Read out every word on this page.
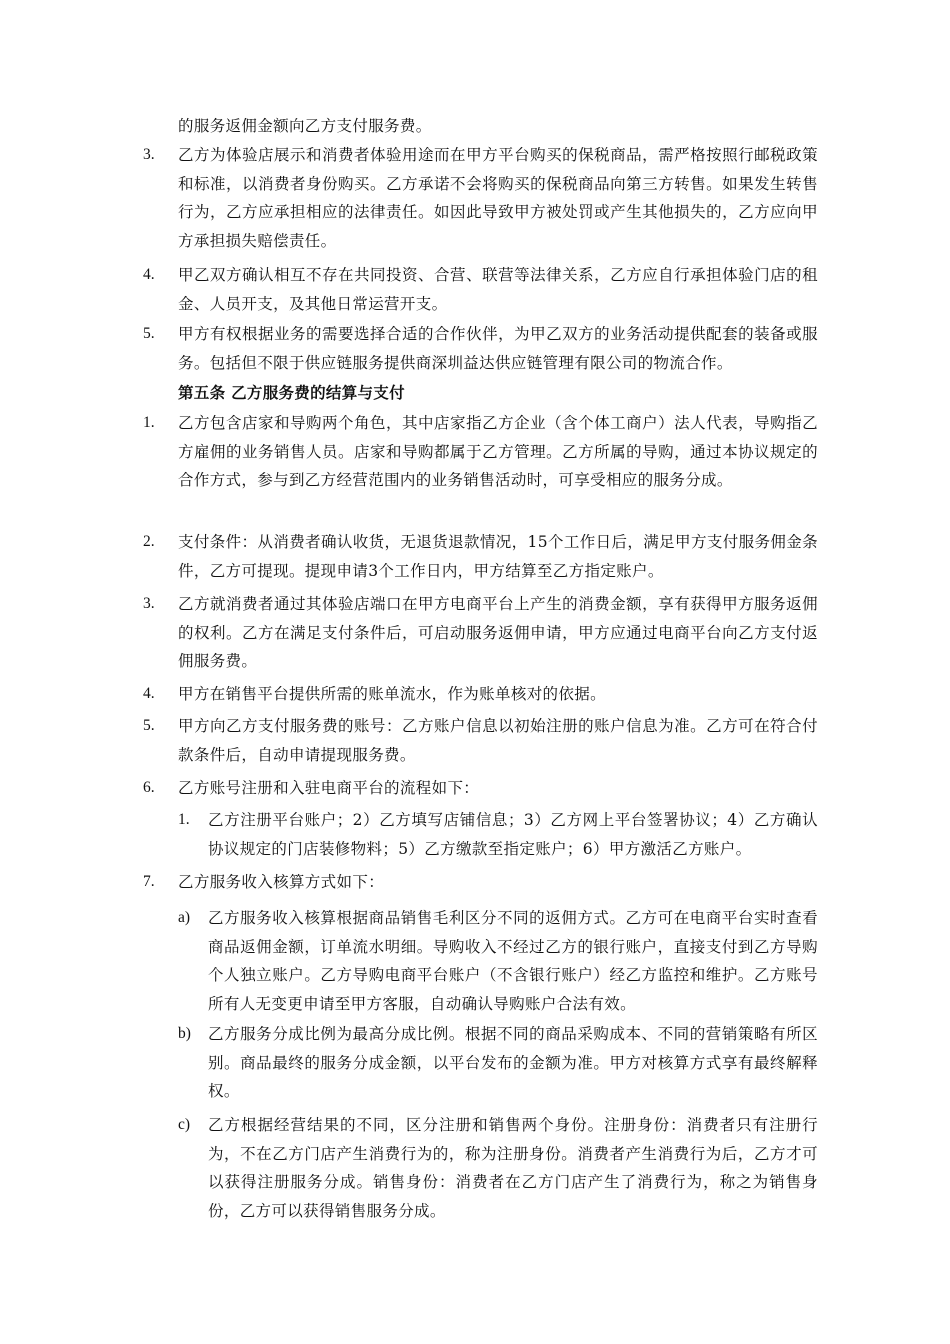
的服务返佣金额向乙方支付服务费。
3. 乙方为体验店展示和消费者体验用途而在甲方平台购买的保税商品，需严格按照行邮税政策和标准，以消费者身份购买。乙方承诺不会将购买的保税商品向第三方转售。如果发生转售行为，乙方应承担相应的法律责任。如因此导致甲方被处罚或产生其他损失的，乙方应向甲方承担损失赔偿责任。
4. 甲乙双方确认相互不存在共同投资、合营、联营等法律关系，乙方应自行承担体验门店的租金、人员开支，及其他日常运营开支。
5. 甲方有权根据业务的需要选择合适的合作伙伴，为甲乙双方的业务活动提供配套的装备或服务。包括但不限于供应链服务提供商深圳益达供应链管理有限公司的物流合作。
第五条 乙方服务费的结算与支付
1. 乙方包含店家和导购两个角色，其中店家指乙方企业（含个体工商户）法人代表，导购指乙方雇佣的业务销售人员。店家和导购都属于乙方管理。乙方所属的导购，通过本协议规定的合作方式，参与到乙方经营范围内的业务销售活动时，可享受相应的服务分成。
2. 支付条件：从消费者确认收货，无退货退款情况，15个工作日后，满足甲方支付服务佣金条件，乙方可提现。提现申请3个工作日内，甲方结算至乙方指定账户。
3. 乙方就消费者通过其体验店端口在甲方电商平台上产生的消费金额，享有获得甲方服务返佣的权利。乙方在满足支付条件后，可启动服务返佣申请，甲方应通过电商平台向乙方支付返佣服务费。
4. 甲方在销售平台提供所需的账单流水，作为账单核对的依据。
5. 甲方向乙方支付服务费的账号：乙方账户信息以初始注册的账户信息为准。乙方可在符合付款条件后，自动申请提现服务费。
6. 乙方账号注册和入驻电商平台的流程如下：
1. 乙方注册平台账户；2）乙方填写店铺信息；3）乙方网上平台签署协议；4）乙方确认协议规定的门店装修物料；5）乙方缴款至指定账户；6）甲方激活乙方账户。
7. 乙方服务收入核算方式如下：
a) 乙方服务收入核算根据商品销售毛利区分不同的返佣方式。乙方可在电商平台实时查看商品返佣金额，订单流水明细。导购收入不经过乙方的银行账户，直接支付到乙方导购个人独立账户。乙方导购电商平台账户（不含银行账户）经乙方监控和维护。乙方账号所有人无变更申请至甲方客服，自动确认导购账户合法有效。
b) 乙方服务分成比例为最高分成比例。根据不同的商品采购成本、不同的营销策略有所区别。商品最终的服务分成金额，以平台发布的金额为准。甲方对核算方式享有最终解释权。
c) 乙方根据经营结果的不同，区分注册和销售两个身份。注册身份：消费者只有注册行为，不在乙方门店产生消费行为的，称为注册身份。消费者产生消费行为后，乙方才可以获得注册服务分成。销售身份：消费者在乙方门店产生了消费行为，称之为销售身份，乙方可以获得销售服务分成。
